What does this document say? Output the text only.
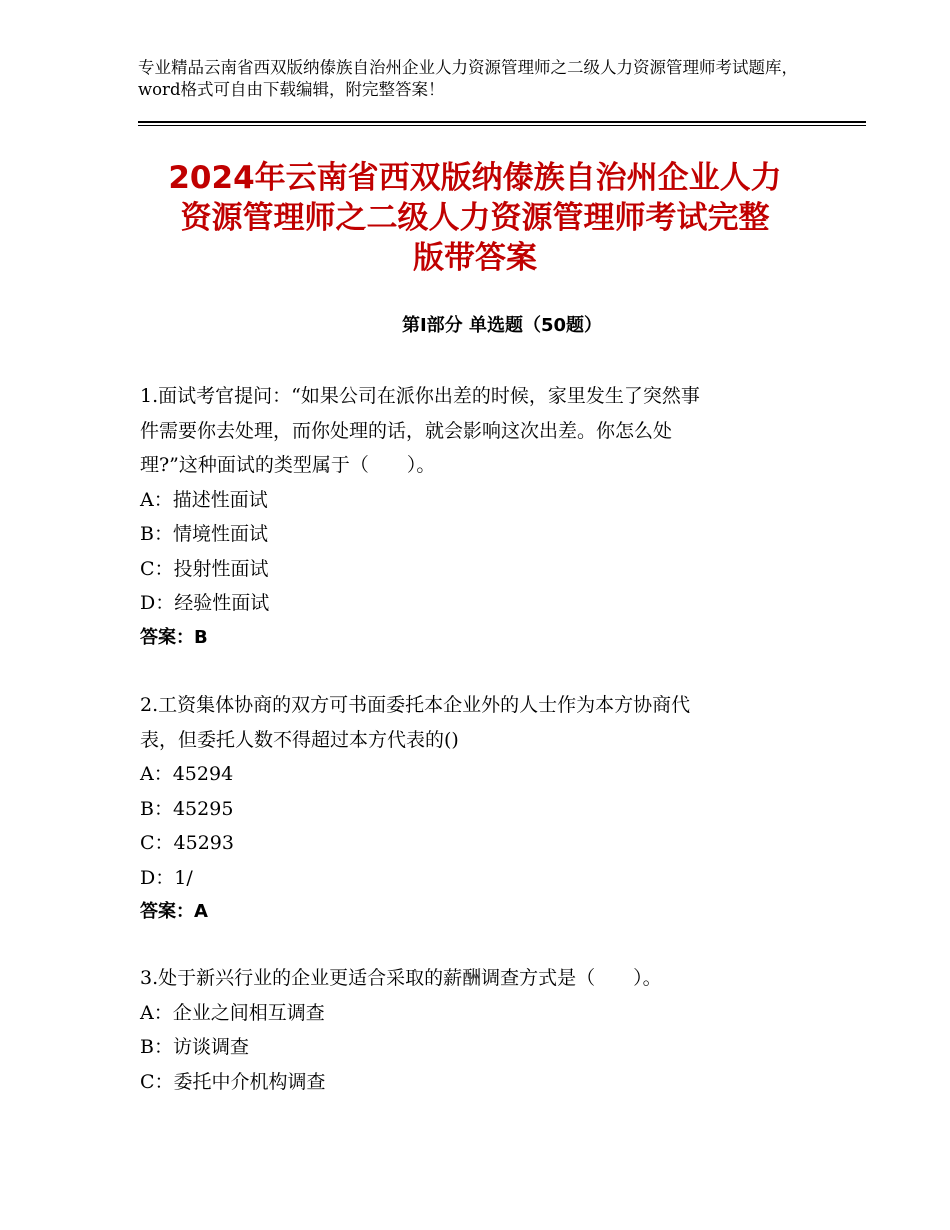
专业精品云南省西双版纳傣族自治州企业人力资源管理师之二级人力资源管理师考试题库，word格式可自由下载编辑，附完整答案！
2024年云南省西双版纳傣族自治州企业人力
资源管理师之二级人力资源管理师考试完整
版带答案
第Ⅰ部分 单选题（50题）
1.面试考官提问：“如果公司在派你出差的时候，家里发生了突然事
件需要你去处理，而你处理的话，就会影响这次出差。你怎么处
理?”这种面试的类型属于（　　）。
A：描述性面试
B：情境性面试
C：投射性面试
D：经验性面试
答案：B
2.工资集体协商的双方可书面委托本企业外的人士作为本方协商代
表，但委托人数不得超过本方代表的()
A：45294
B：45295
C：45293
D：1/
答案：A
3.处于新兴行业的企业更适合采取的薪酬调查方式是（　　）。
A：企业之间相互调查
B：访谈调查
C：委托中介机构调查
